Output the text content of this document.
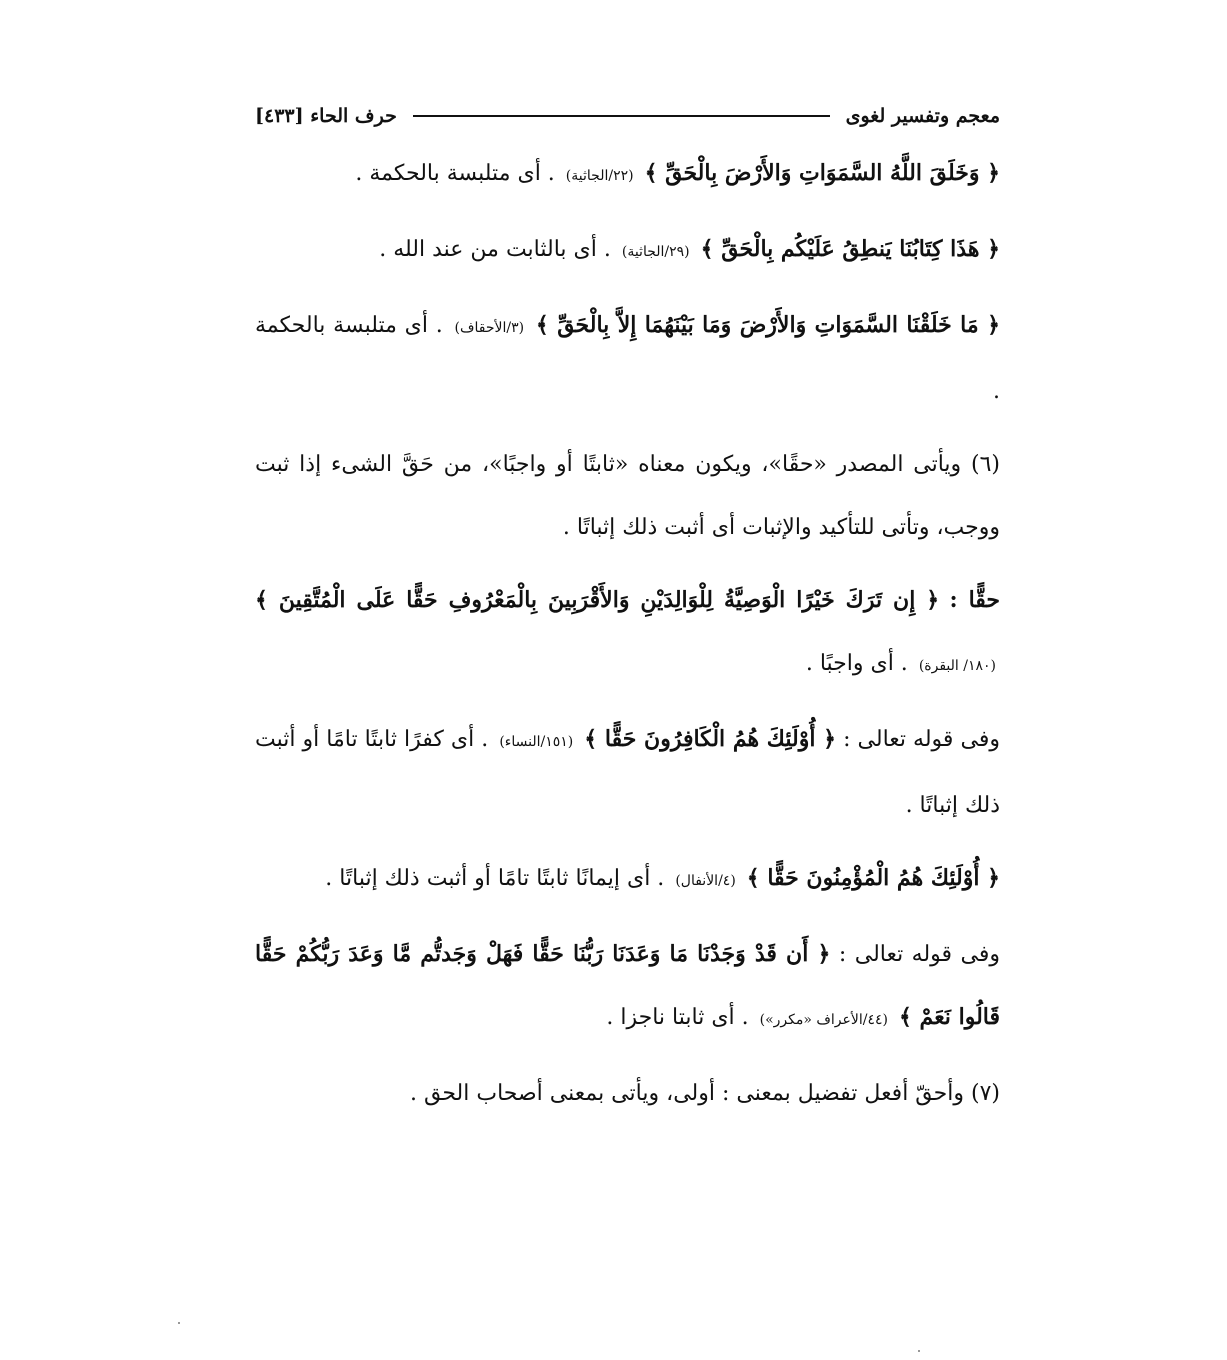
معجم وتفسير لغوى
حرف الحاء [٤٣٣]

﴿ وَخَلَقَ اللَّهُ السَّمَوَاتِ وَالأَرْضَ بِالْحَقِّ ﴾ (٢٢/الجاثية) . أى متلبسة بالحكمة .

﴿ هَذَا كِتَابُنَا يَنطِقُ عَلَيْكُم بِالْحَقِّ ﴾ (٢٩/الجاثية) . أى بالثابت من عند الله .

﴿ مَا خَلَقْنَا السَّمَوَاتِ وَالأَرْضَ وَمَا بَيْنَهُمَا إِلاَّ بِالْحَقِّ ﴾ (٣/الأحقاف) . أى متلبسة بالحكمة .

(٦) ويأتى المصدر «حقًا»، ويكون معناه «ثابتًا أو واجبًا»، من حَقَّ الشىء إذا ثبت ووجب، وتأتى للتأكيد والإثبات أى أثبت ذلك إثباتًا .

حقًّا : ﴿ إِن تَرَكَ خَيْرًا الْوَصِيَّةُ لِلْوَالِدَيْنِ وَالأَقْرَبِينَ بِالْمَعْرُوفِ حَقًّا عَلَى الْمُتَّقِينَ ﴾ (١٨٠/ البقرة) . أى واجبًا .

وفى قوله تعالى : ﴿ أُوْلَئِكَ هُمُ الْكَافِرُونَ حَقًّا ﴾ (١٥١/النساء) . أى كفرًا ثابتًا تامًا أو أثبت ذلك إثباتًا .

﴿ أُوْلَئِكَ هُمُ الْمُؤْمِنُونَ حَقًّا ﴾ (٤/الأنفال) . أى إيمانًا ثابتًا تامًا أو أثبت ذلك إثباتًا .

وفى قوله تعالى : ﴿ أَن قَدْ وَجَدْنَا مَا وَعَدَنَا رَبُّنَا حَقًّا فَهَلْ وَجَدتُّم مَّا وَعَدَ رَبُّكُمْ حَقًّا قَالُوا نَعَمْ ﴾ (٤٤/الأعراف «مكرر») . أى ثابتا ناجزا .

(٧) وأحقّ أفعل تفضيل بمعنى : أولى، ويأتى بمعنى أصحاب الحق .
